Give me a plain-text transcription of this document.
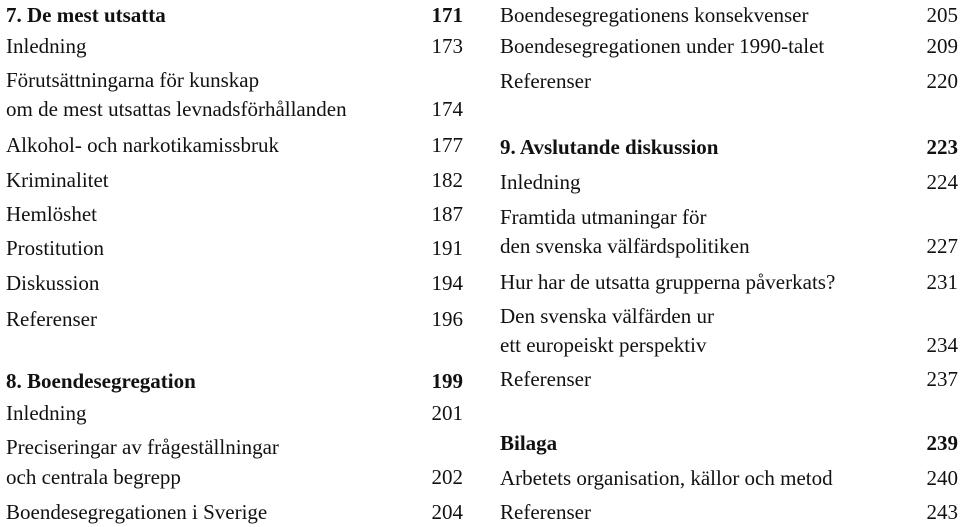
7. De mest utsatta	171
Inledning	173
Förutsättningarna för kunskap
om de mest utsattas levnadsförhållanden	174
Alkohol- och narkotikamissbruk	177
Kriminalitet	182
Hemlöshet	187
Prostitution	191
Diskussion	194
Referenser	196
8. Boendesegregation	199
Inledning	201
Preciseringar av frågeställningar
och centrala begrepp	202
Boendesegregationen i Sverige	204
Boendesegregationens konsekvenser	205
Boendesegregationen under 1990-talet	209
Referenser	220
9. Avslutande diskussion	223
Inledning	224
Framtida utmaningar för
den svenska välfärdspolitiken	227
Hur har de utsatta grupperna påverkats?	231
Den svenska välfärden ur
ett europeiskt perspektiv	234
Referenser	237
Bilaga	239
Arbetets organisation, källor och metod	240
Referenser	243
